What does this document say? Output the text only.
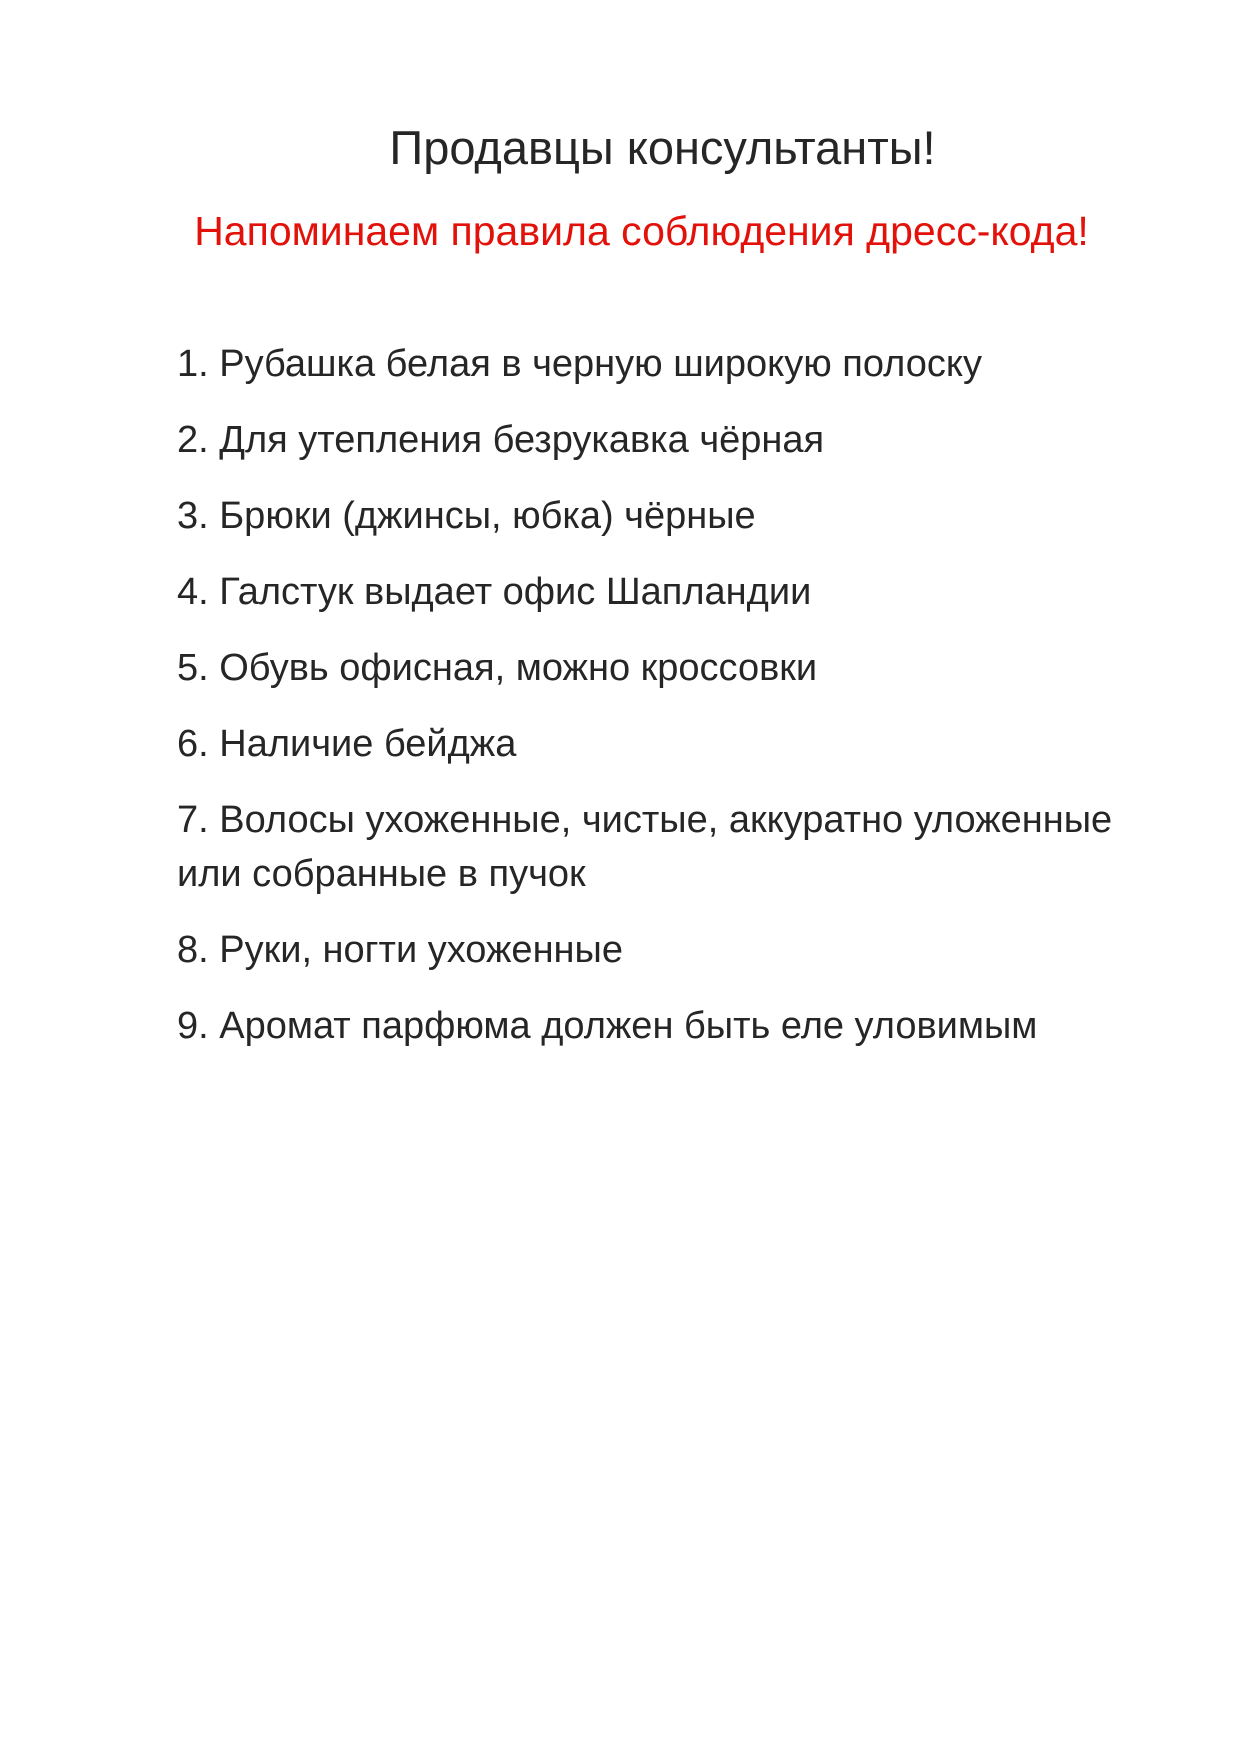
Продавцы консультанты!
Напоминаем правила соблюдения дресс-кода!
1. Рубашка белая в черную широкую полоску
2. Для утепления безрукавка чёрная
3. Брюки (джинсы, юбка) чёрные
4. Галстук выдает офис Шапландии
5. Обувь офисная, можно кроссовки
6. Наличие бейджа
7. Волосы ухоженные, чистые, аккуратно уложенные или собранные в пучок
8. Руки, ногти ухоженные
9. Аромат парфюма должен быть еле уловимым
